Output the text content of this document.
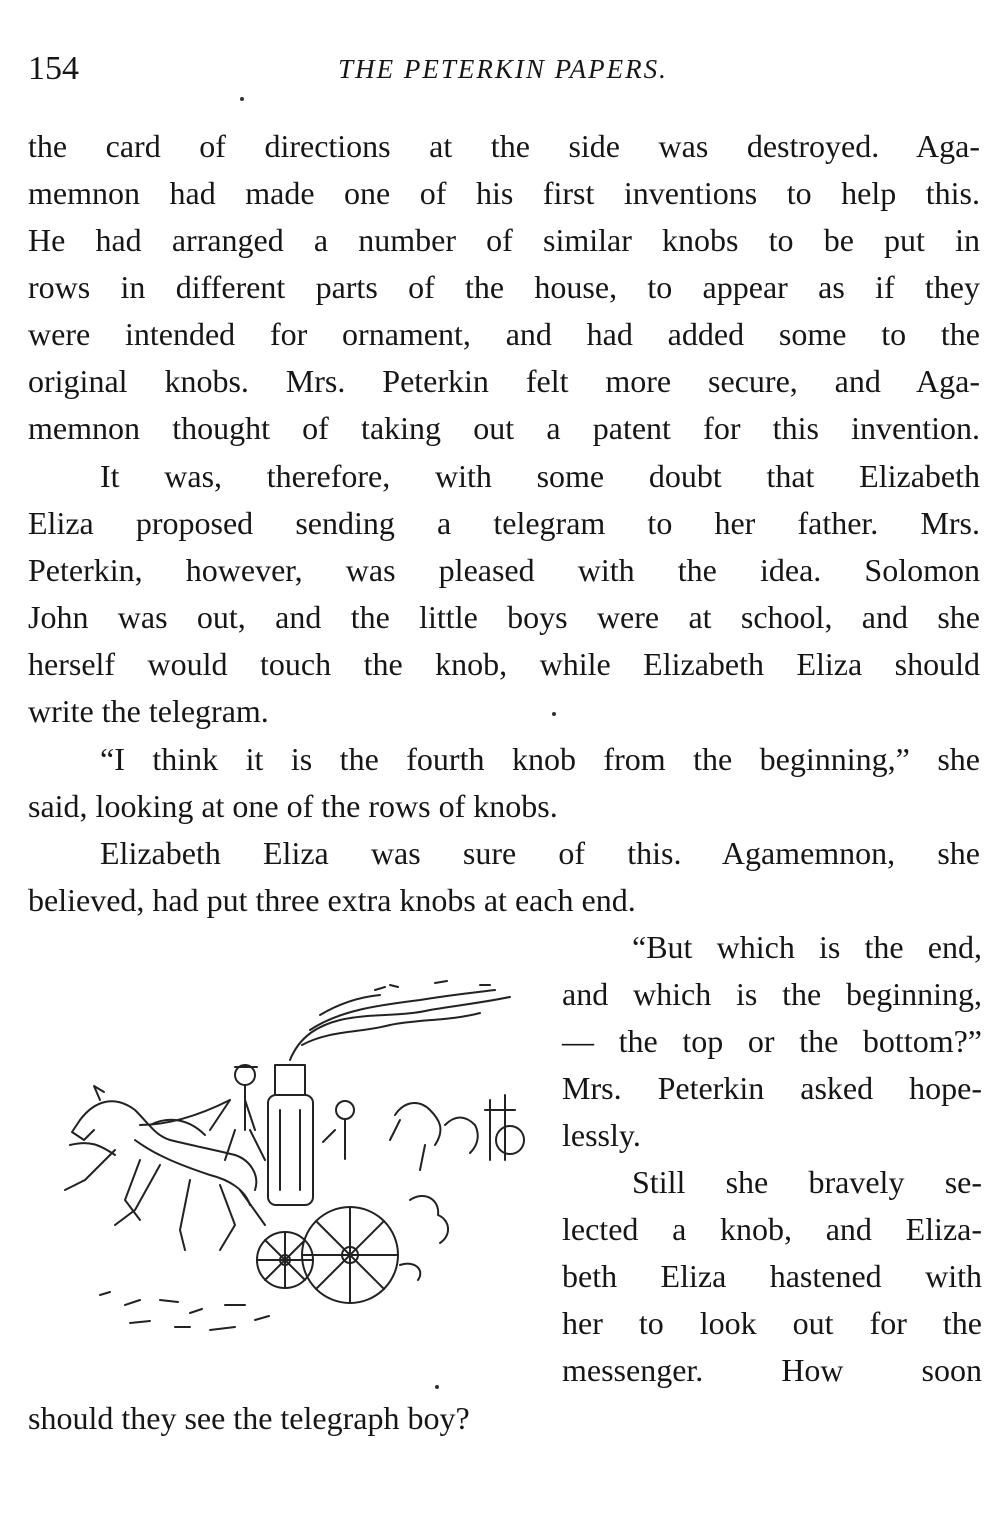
154	THE PETERKIN PAPERS.
the card of directions at the side was destroyed. Aga-
memnon had made one of his first inventions to help this.
He had arranged a number of similar knobs to be put in
rows in different parts of the house, to appear as if they
were intended for ornament, and had added some to the
original knobs. Mrs. Peterkin felt more secure, and Aga-
memnon thought of taking out a patent for this invention.
It was, therefore, with some doubt that Elizabeth
Eliza proposed sending a telegram to her father. Mrs.
Peterkin, however, was pleased with the idea. Solomon
John was out, and the little boys were at school, and she
herself would touch the knob, while Elizabeth Eliza should
write the telegram.
“I think it is the fourth knob from the beginning,” she
said, looking at one of the rows of knobs.
Elizabeth Eliza was sure of this. Agamemnon, she
believed, had put three extra knobs at each end.
“But which is the end,
and which is the beginning,
— the top or the bottom?”
Mrs. Peterkin asked hope-
lessly.
Still she bravely se-
lected a knob, and Eliza-
beth Eliza hastened with
her to look out for the
messenger. How soon
should they see the telegraph boy?
